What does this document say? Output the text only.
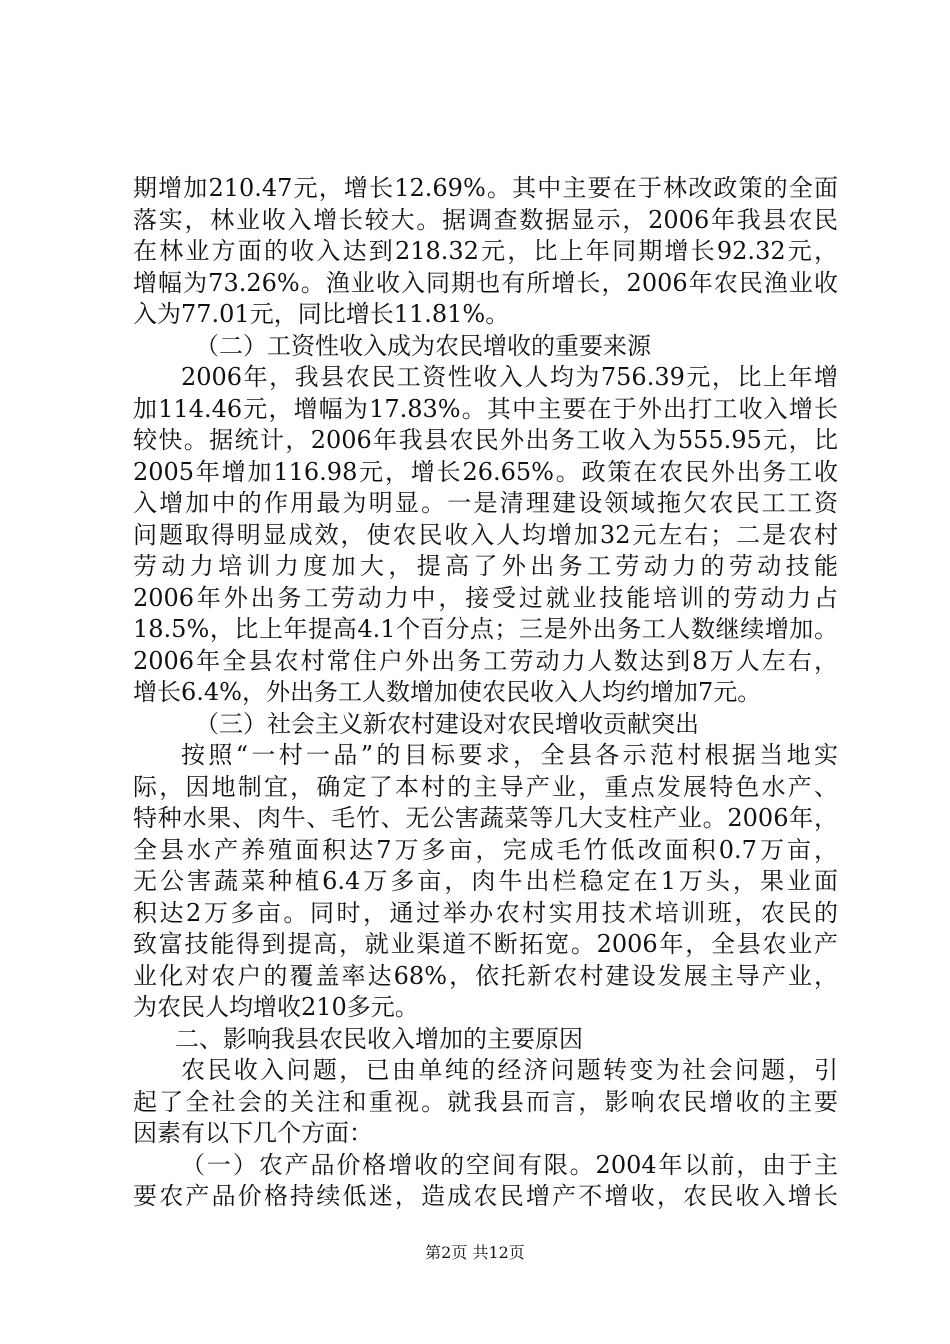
期增加210.47元，增长12.69%。其中主要在于林改政策的全面
落实，林业收入增长较大。据调查数据显示，2006年我县农民
在林业方面的收入达到218.32元，比上年同期增长92.32元，
增幅为73.26%。渔业收入同期也有所增长，2006年农民渔业收
入为77.01元，同比增长11.81%。
（二）工资性收入成为农民增收的重要来源
2006年，我县农民工资性收入人均为756.39元，比上年增
加114.46元，增幅为17.83%。其中主要在于外出打工收入增长
较快。据统计，2006年我县农民外出务工收入为555.95元，比
2005年增加116.98元，增长26.65%。政策在农民外出务工收
入增加中的作用最为明显。一是清理建设领域拖欠农民工工资
问题取得明显成效，使农民收入人均增加32元左右；二是农村
劳动力培训力度加大，提高了外出务工劳动力的劳动技能
2006年外出务工劳动力中，接受过就业技能培训的劳动力占
18.5%，比上年提高4.1个百分点；三是外出务工人数继续增加。
2006年全县农村常住户外出务工劳动力人数达到8万人左右，
增长6.4%，外出务工人数增加使农民收入人均约增加7元。
（三）社会主义新农村建设对农民增收贡献突出
按照“一村一品”的目标要求，全县各示范村根据当地实
际，因地制宜，确定了本村的主导产业，重点发展特色水产、
特种水果、肉牛、毛竹、无公害蔬菜等几大支柱产业。2006年，
全县水产养殖面积达7万多亩，完成毛竹低改面积0.7万亩，
无公害蔬菜种植6.4万多亩，肉牛出栏稳定在1万头，果业面
积达2万多亩。同时，通过举办农村实用技术培训班，农民的
致富技能得到提高，就业渠道不断拓宽。2006年，全县农业产
业化对农户的覆盖率达68%，依托新农村建设发展主导产业，
为农民人均增收210多元。
二、影响我县农民收入增加的主要原因
农民收入问题，已由单纯的经济问题转变为社会问题，引
起了全社会的关注和重视。就我县而言，影响农民增收的主要
因素有以下几个方面：
（一）农产品价格增收的空间有限。2004年以前，由于主
要农产品价格持续低迷，造成农民增产不增收，农民收入增长
第2页 共12页
